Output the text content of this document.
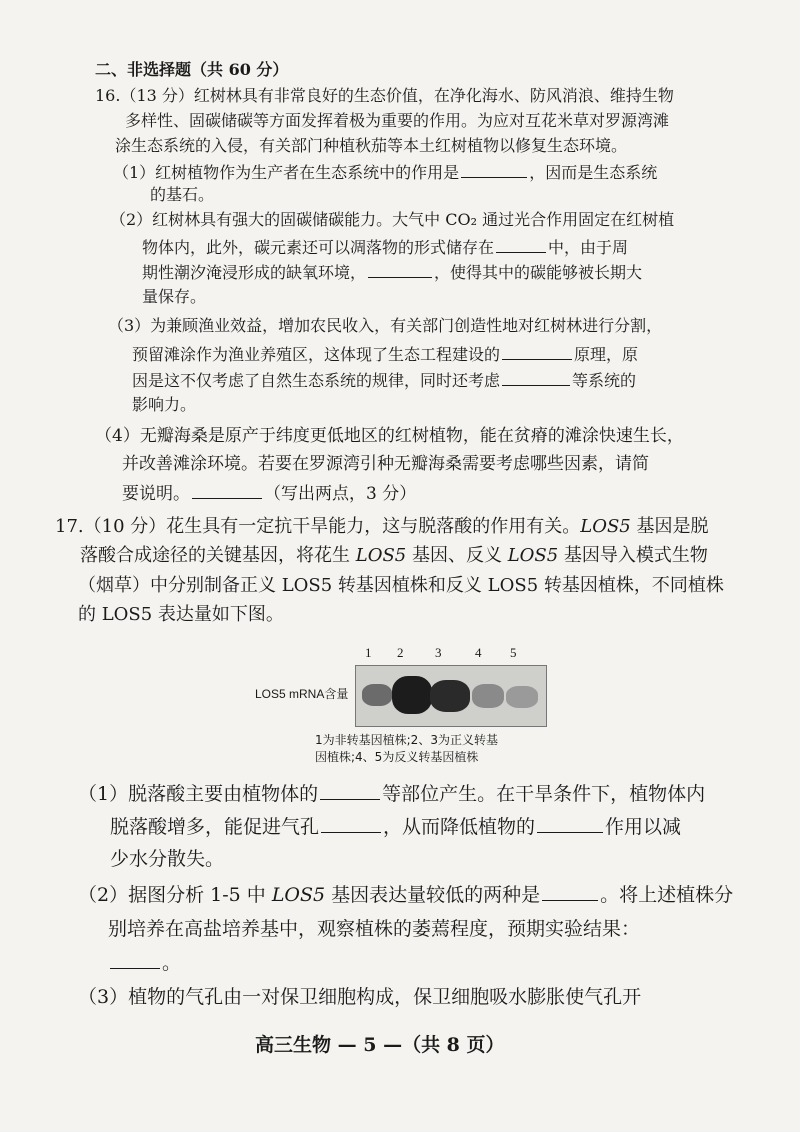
二、非选择题（共 60 分）
16.（13 分）红树林具有非常良好的生态价值，在净化海水、防风消浪、维持生物
多样性、固碳储碳等方面发挥着极为重要的作用。为应对互花米草对罗源湾滩
涂生态系统的入侵，有关部门种植秋茄等本土红树植物以修复生态环境。
（1）红树植物作为生产者在生态系统中的作用是	，因而是生态系统
的基石。
（2）红树林具有强大的固碳储碳能力。大气中 CO₂ 通过光合作用固定在红树植
物体内，此外，碳元素还可以凋落物的形式储存在	中，由于周
期性潮汐淹浸形成的缺氧环境，	，使得其中的碳能够被长期大
量保存。
（3）为兼顾渔业效益，增加农民收入，有关部门创造性地对红树林进行分割，
预留滩涂作为渔业养殖区，这体现了生态工程建设的	原理，原
因是这不仅考虑了自然生态系统的规律，同时还考虑	等系统的
影响力。
（4）无瓣海桑是原产于纬度更低地区的红树植物，能在贫瘠的滩涂快速生长，
并改善滩涂环境。若要在罗源湾引种无瓣海桑需要考虑哪些因素，请简
要说明。	（写出两点，3 分）
17.（10 分）花生具有一定抗干旱能力，这与脱落酸的作用有关。LOS5 基因是脱
落酸合成途径的关键基因，将花生 LOS5 基因、反义 LOS5 基因导入模式生物
（烟草）中分别制备正义 LOS5 转基因植株和反义 LOS5 转基因植株，不同植株
的 LOS5 表达量如下图。
1 2 3	4 5
LOS5 mRNA含量
1为非转基因植株;2、3为正义转基
因植株;4、5为反义转基因植株
（1）脱落酸主要由植物体的	等部位产生。在干旱条件下，植物体内
脱落酸增多，能促进气孔	，从而降低植物的	作用以减
少水分散失。
（2）据图分析 1-5 中 LOS5 基因表达量较低的两种是	。将上述植株分
别培养在高盐培养基中，观察植株的萎蔫程度，预期实验结果：
。
（3）植物的气孔由一对保卫细胞构成，保卫细胞吸水膨胀使气孔开
高三生物 — 5 —（共 8 页）
